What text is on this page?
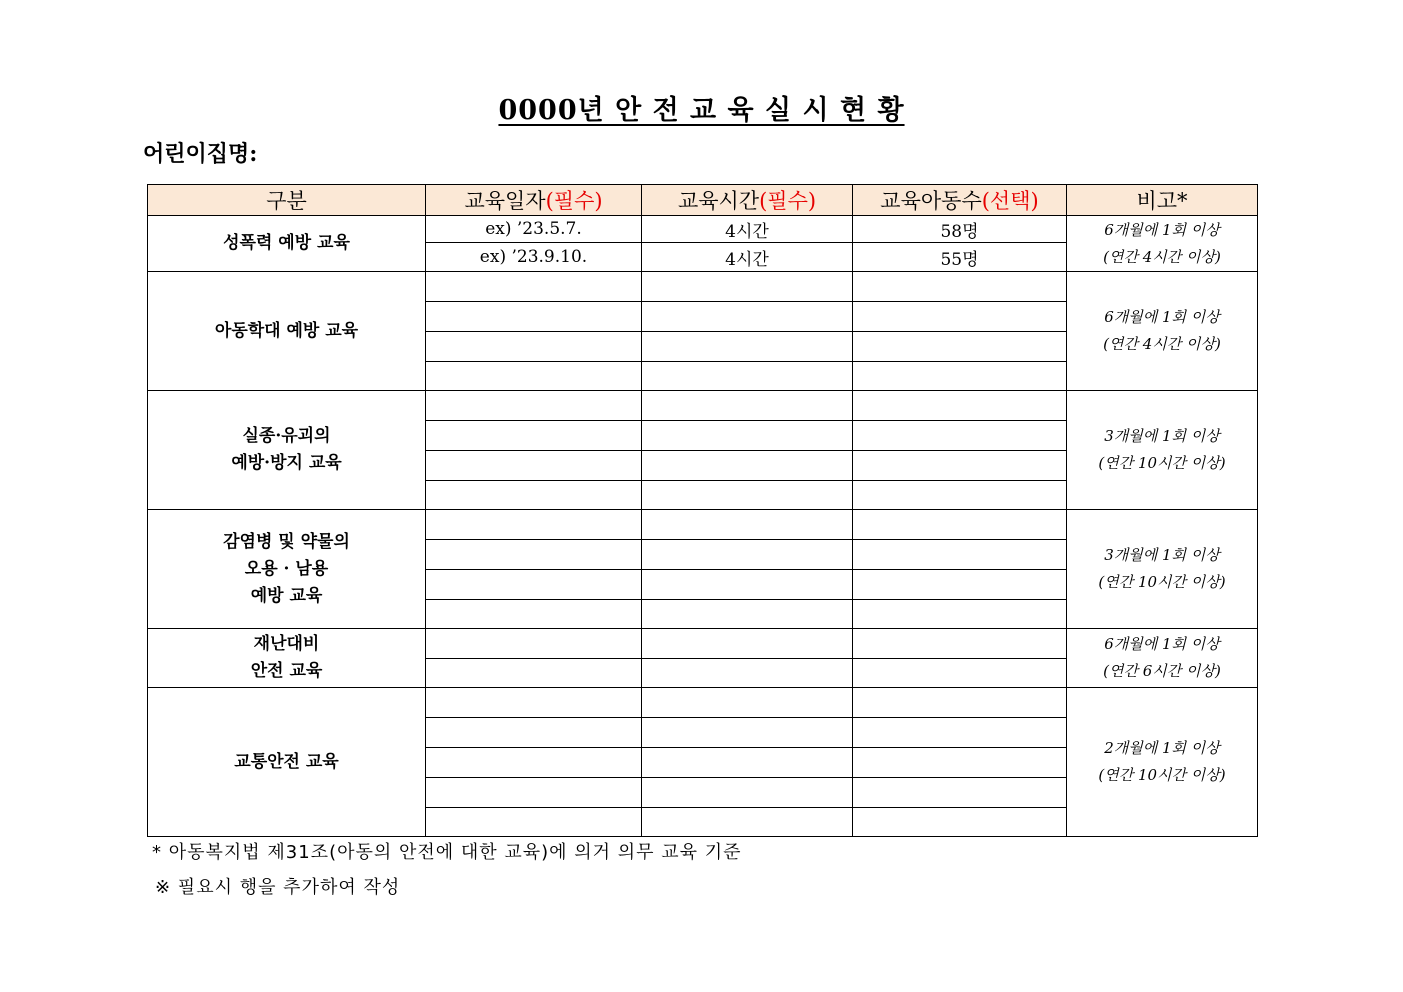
0000년 안 전 교 육 실 시 현 황
어린이집명:
구분	교육일자(필수)	교육시간(필수)	교육아동수(선택)	비고*

성폭력 예방 교육	ex) ’23.5.7.	4시간	58명	6개월에 1회 이상
(연간 4시간 이상)

	ex) ’23.9.10.	4시간	55명	

아동학대 예방 교육				6개월에 1회 이상
(연간 4시간 이상)

실종·유괴의
예방·방지 교육				3개월에 1회 이상
(연간 10시간 이상)

감염병 및 약물의
오용 · 남용
예방 교육				3개월에 1회 이상
(연간 10시간 이상)

재난대비
안전 교육				6개월에 1회 이상
(연간 6시간 이상)

교통안전 교육				2개월에 1회 이상
(연간 10시간 이상)

* 아동복지법 제31조(아동의 안전에 대한 교육)에 의거 의무 교육 기준
※ 필요시 행을 추가하여 작성
